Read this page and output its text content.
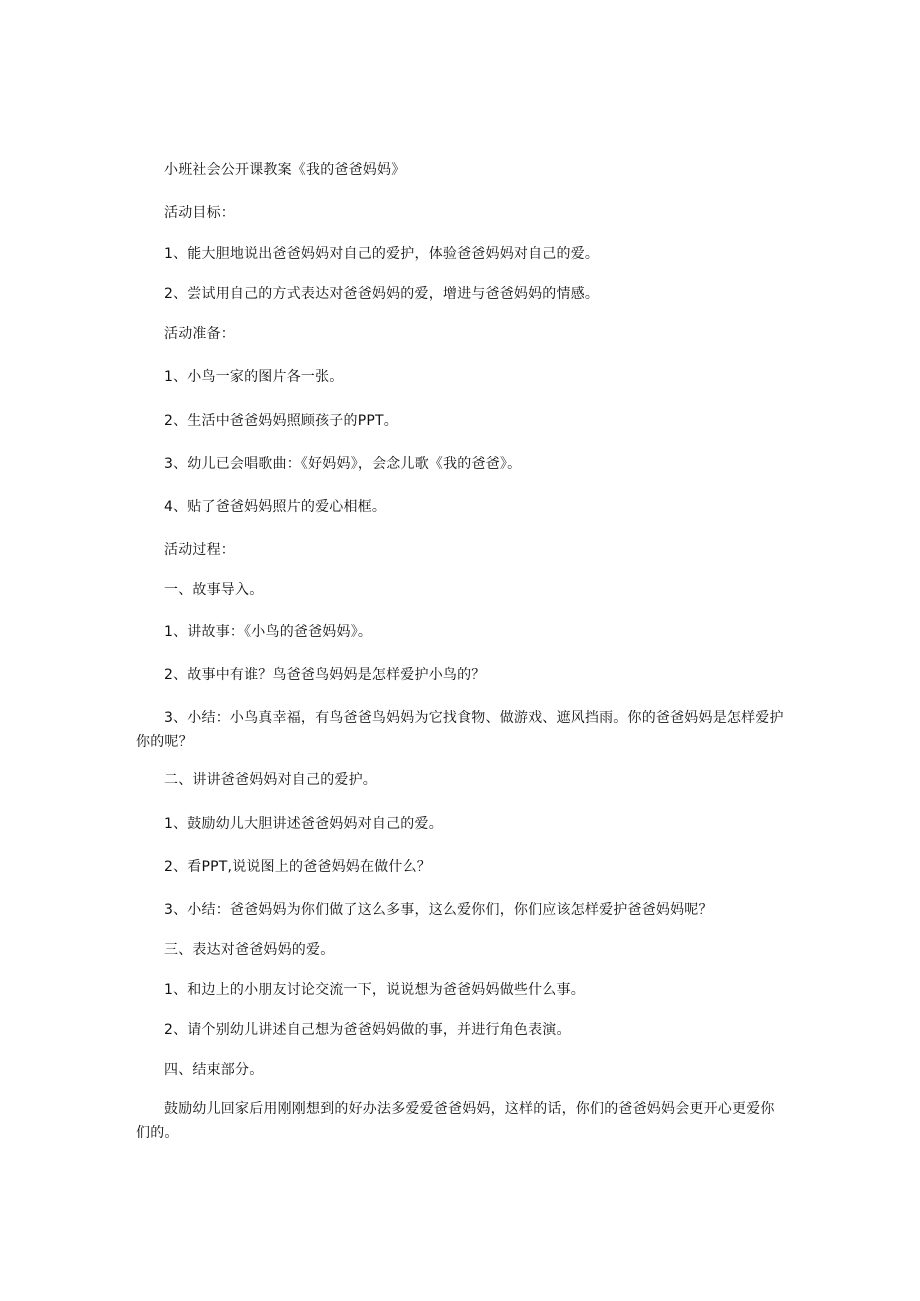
小班社会公开课教案《我的爸爸妈妈》
活动目标：
1、能大胆地说出爸爸妈妈对自己的爱护，体验爸爸妈妈对自己的爱。
2、尝试用自己的方式表达对爸爸妈妈的爱，增进与爸爸妈妈的情感。
活动准备：
1、小鸟一家的图片各一张。
2、生活中爸爸妈妈照顾孩子的PPT。
3、幼儿已会唱歌曲：《好妈妈》，会念儿歌《我的爸爸》。
4、贴了爸爸妈妈照片的爱心相框。
活动过程：
一、故事导入。
1、讲故事：《小鸟的爸爸妈妈》。
2、故事中有谁？鸟爸爸鸟妈妈是怎样爱护小鸟的？
3、小结：小鸟真幸福，有鸟爸爸鸟妈妈为它找食物、做游戏、遮风挡雨。你的爸爸妈妈是怎样爱护你的呢？
二、讲讲爸爸妈妈对自己的爱护。
1、鼓励幼儿大胆讲述爸爸妈妈对自己的爱。
2、看PPT,说说图上的爸爸妈妈在做什么？
3、小结：爸爸妈妈为你们做了这么多事，这么爱你们，你们应该怎样爱护爸爸妈妈呢？
三、表达对爸爸妈妈的爱。
1、和边上的小朋友讨论交流一下，说说想为爸爸妈妈做些什么事。
2、请个别幼儿讲述自己想为爸爸妈妈做的事，并进行角色表演。
四、结束部分。
鼓励幼儿回家后用刚刚想到的好办法多爱爱爸爸妈妈，这样的话，你们的爸爸妈妈会更开心更爱你们的。
